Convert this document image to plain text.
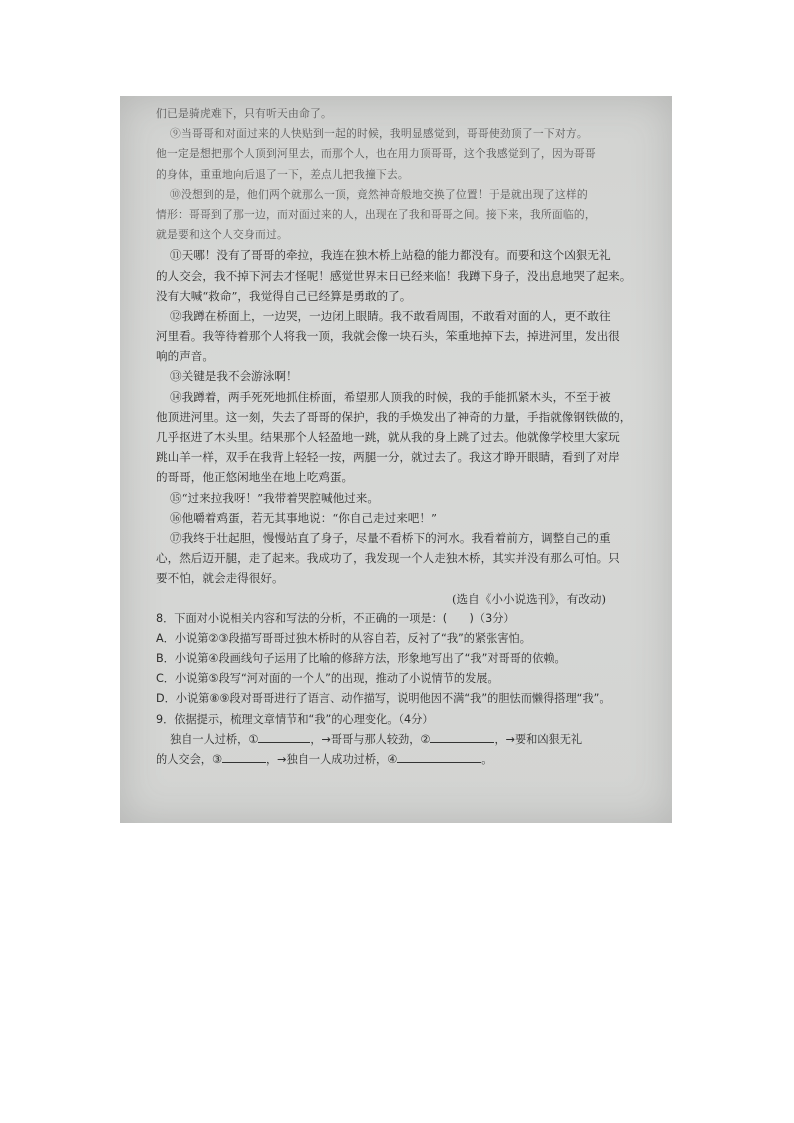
们已是骑虎难下，只有听天由命了。
⑨当哥哥和对面过来的人快贴到一起的时候，我明显感觉到，哥哥使劲顶了一下对方。
他一定是想把那个人顶到河里去，而那个人，也在用力顶哥哥，这个我感觉到了，因为哥哥
的身体，重重地向后退了一下，差点儿把我撞下去。
⑩没想到的是，他们两个就那么一顶，竟然神奇般地交换了位置！于是就出现了这样的
情形：哥哥到了那一边，而对面过来的人，出现在了我和哥哥之间。接下来，我所面临的，
就是要和这个人交身而过。
⑪天哪！没有了哥哥的牵拉，我连在独木桥上站稳的能力都没有。而要和这个凶狠无礼
的人交会，我不掉下河去才怪呢！感觉世界末日已经来临！我蹲下身子，没出息地哭了起来。
没有大喊“救命”，我觉得自己已经算是勇敢的了。
⑫我蹲在桥面上，一边哭，一边闭上眼睛。我不敢看周围，不敢看对面的人，更不敢往
河里看。我等待着那个人将我一顶，我就会像一块石头，笨重地掉下去，掉进河里，发出很
响的声音。
⑬关键是我不会游泳啊！
⑭我蹲着，两手死死地抓住桥面，希望那人顶我的时候，我的手能抓紧木头，不至于被
他顶进河里。这一刻，失去了哥哥的保护，我的手焕发出了神奇的力量，手指就像钢铁做的，
几乎抠进了木头里。结果那个人轻盈地一跳，就从我的身上跳了过去。他就像学校里大家玩
跳山羊一样，双手在我背上轻轻一按，两腿一分，就过去了。我这才睁开眼睛，看到了对岸
的哥哥，他正悠闲地坐在地上吃鸡蛋。
⑮“过来拉我呀！”我带着哭腔喊他过来。
⑯他嚼着鸡蛋，若无其事地说：“你自己走过来吧！”
⑰我终于壮起胆，慢慢站直了身子，尽量不看桥下的河水。我看着前方，调整自己的重
心，然后迈开腿，走了起来。我成功了，我发现一个人走独木桥，其实并没有那么可怕。只
要不怕，就会走得很好。
(选自《小小说选刊》，有改动)
8．下面对小说相关内容和写法的分析，不正确的一项是：(　　)（3分）
A．小说第②③段描写哥哥过独木桥时的从容自若，反衬了“我”的紧张害怕。
B．小说第④段画线句子运用了比喻的修辞方法，形象地写出了“我”对哥哥的依赖。
C．小说第⑤段写“河对面的一个人”的出现，推动了小说情节的发展。
D．小说第⑧⑨段对哥哥进行了语言、动作描写，说明他因不满“我”的胆怯而懒得搭理“我”。
9．依据提示，梳理文章情节和“我”的心理变化。（4分）
独自一人过桥，①	，→哥哥与那人较劲，②	，→要和凶狠无礼
的人交会，③	，→独自一人成功过桥，④	。
